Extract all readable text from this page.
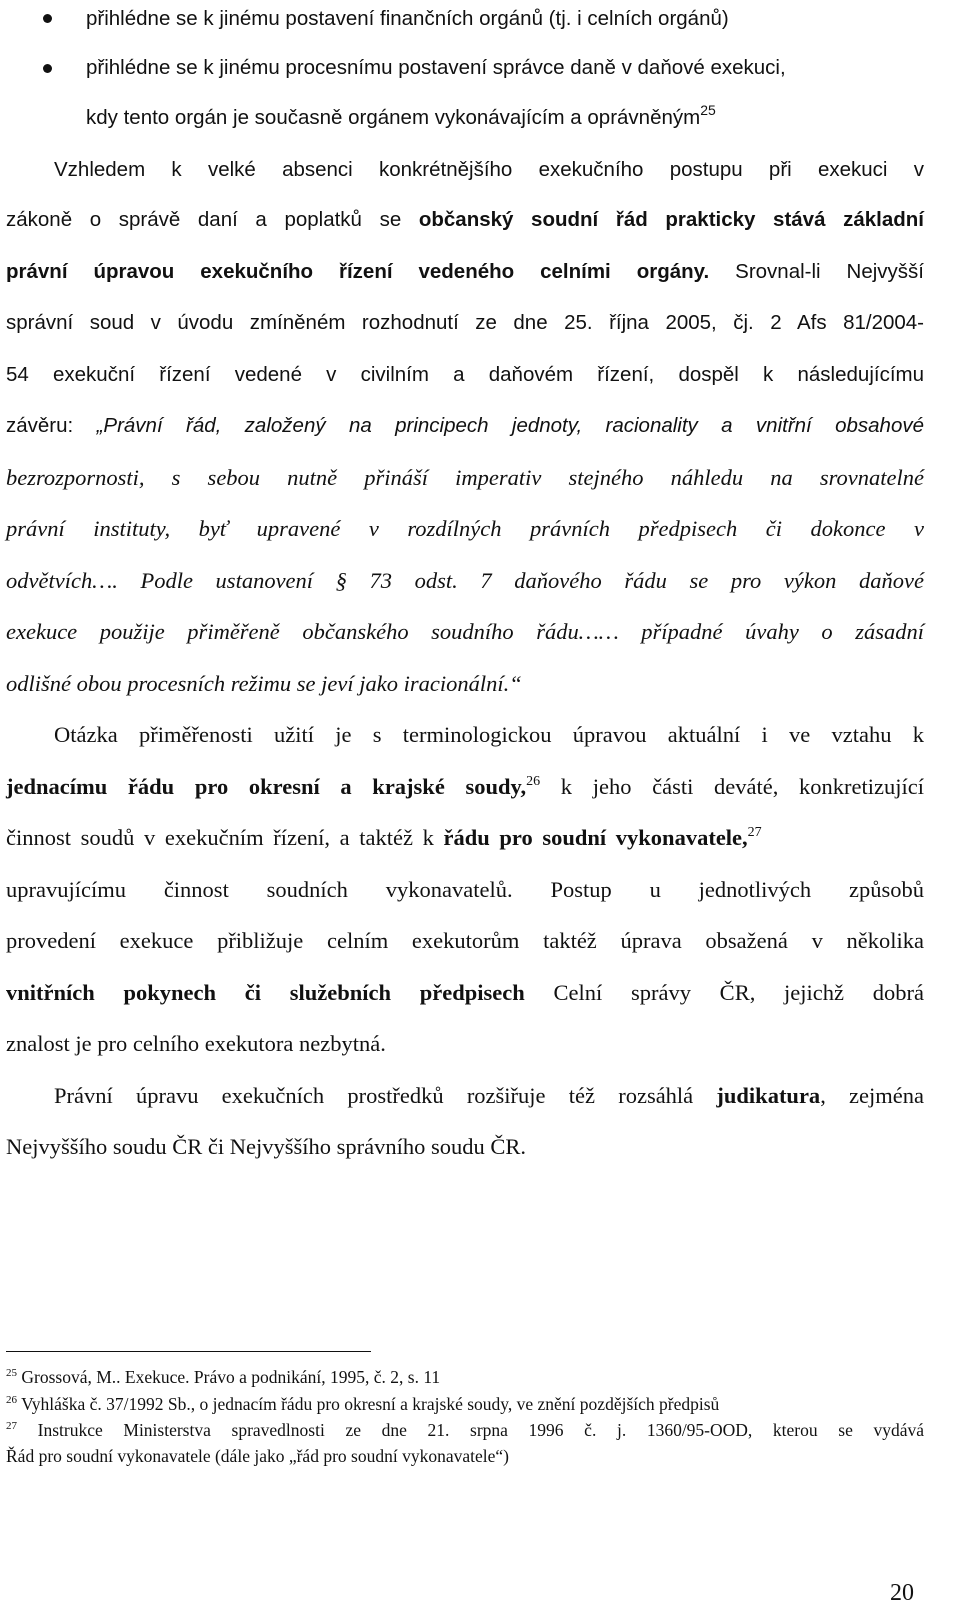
přihlédne se k jinému postavení finančních orgánů (tj. i celních orgánů)
přihlédne se k jinému procesnímu postavení správce daně v daňové exekuci,
kdy tento orgán je současně orgánem vykonávajícím a oprávněným$^{25}$
Vzhledem k velké absenci konkrétnějšího exekučního postupu při exekuci v
zákoně o správě daní a poplatků se občanský soudní řád prakticky stává základní
právní úpravou exekučního řízení vedeného celními orgány. Srovnal-li Nejvyšší
správní soud v úvodu zmíněném rozhodnutí ze dne 25. října 2005, čj. 2 Afs 81/2004-
54 exekuční řízení vedené v civilním a daňovém řízení, dospěl k následujícímu
závěru: „Právní řád, založený na principech jednoty, racionality a vnitřní obsahové
bezrozpornosti, s sebou nutně přináší imperativ stejného náhledu na srovnatelné
právní instituty, byť upravené v rozdílných právních předpisech či dokonce v
odvětvích…. Podle ustanovení § 73 odst. 7 daňového řádu se pro výkon daňové
exekuce použije přiměřeně občanského soudního řádu…… případné úvahy o zásadní
odlišné obou procesních režimu se jeví jako iracionální.“
Otázka přiměřenosti užití je s terminologickou úpravou aktuální i ve vztahu k
jednacímu řádu pro okresní a krajské soudy,$^{26}$ k jeho části deváté, konkretizující
činnost soudů v exekučním řízení, a taktéž k řádu pro soudní vykonavatele,$^{27}$
upravujícímu činnost soudních vykonavatelů. Postup u jednotlivých způsobů
provedení exekuce přibližuje celním exekutorům taktéž úprava obsažená v několika
vnitřních pokynech či služebních předpisech Celní správy ČR, jejichž dobrá
znalost je pro celního exekutora nezbytná.
Právní úpravu exekučních prostředků rozšiřuje též rozsáhlá judikatura, zejména
Nejvyššího soudu ČR či Nejvyššího správního soudu ČR.
$^{25}$ Grossová, M.. Exekuce. Právo a podnikání, 1995, č. 2, s. 11
$^{26}$ Vyhláška č. 37/1992 Sb., o jednacím řádu pro okresní a krajské soudy, ve znění pozdějších předpisů
$^{27}$ Instrukce Ministerstva spravedlnosti ze dne 21. srpna 1996 č. j. 1360/95-OOD, kterou se vydává
Řád pro soudní vykonavatele (dále jako „řád pro soudní vykonavatele“)
20
